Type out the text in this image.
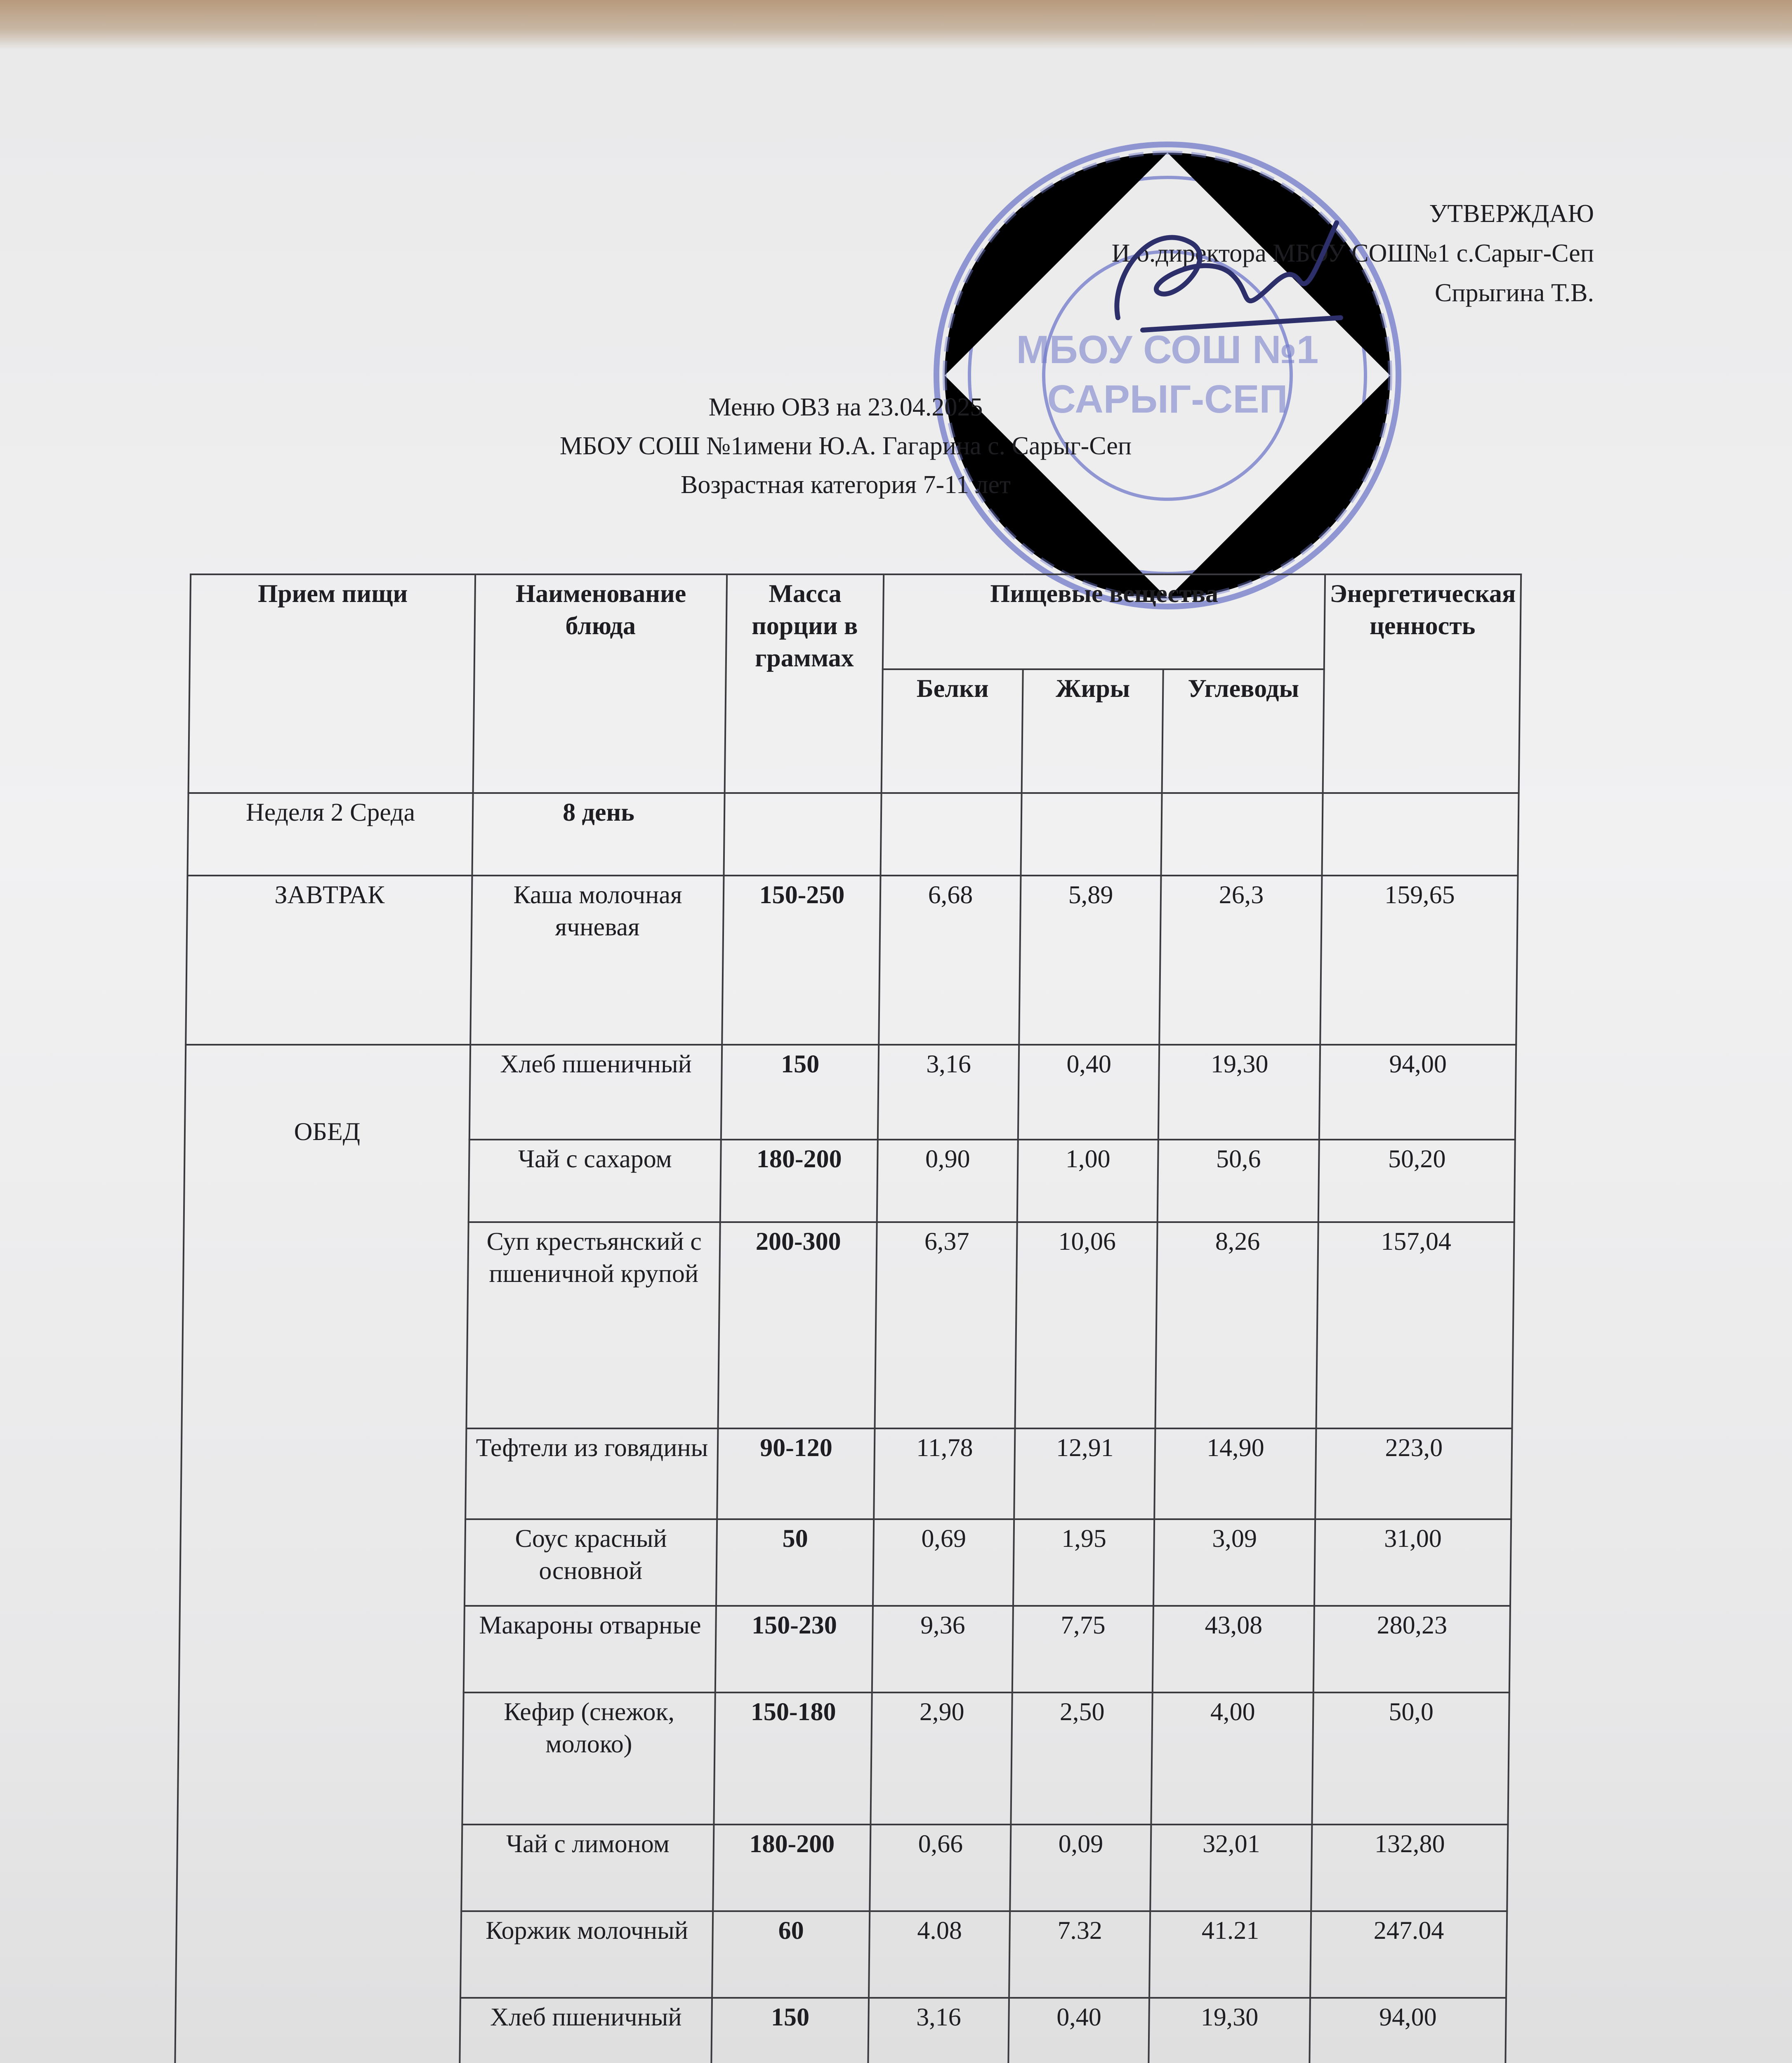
МБОУ СОШ №1
САРЫГ-СЕП
УТВЕРЖДАЮ
И.о.директора МБОУ СОШ№1 с.Сарыг-Сеп
Спрыгина Т.В.
Меню ОВЗ на 23.04.2025
МБОУ СОШ №1имени Ю.А. Гагарина с. Сарыг-Сеп
Возрастная категория 7-11 лет
Прием пищи	Наименование блюда	Масса порции в граммах	Пищевые вещества			Энергетическая ценность	
			Белки	Жиры	Углеводы		
Неделя 2 Среда	8 день						
ЗАВТРАК	Каша молочная ячневая	150-250	6,68	5,89	26,3	159,65	
ОБЕД	Хлеб пшеничный	150	3,16	0,40	19,30	94,00	
	Чай с сахаром	180-200	0,90	1,00	50,6	50,20	
	Суп крестьянский с пшеничной крупой	200-300	6,37	10,06	8,26	157,04	
	Тефтели из говядины	90-120	11,78	12,91	14,90	223,0	
	Соус красный основной	50	0,69	1,95	3,09	31,00	
	Макароны отварные	150-230	9,36	7,75	43,08	280,23	
	Кефир (снежок, молоко)	150-180	2,90	2,50	4,00	50,0	
	Чай с лимоном	180-200	0,66	0,09	32,01	132,80	
	Коржик молочный	60	4.08	7.32	41.21	247.04	
	Хлеб пшеничный	150	3,16	0,40	19,30	94,00	
